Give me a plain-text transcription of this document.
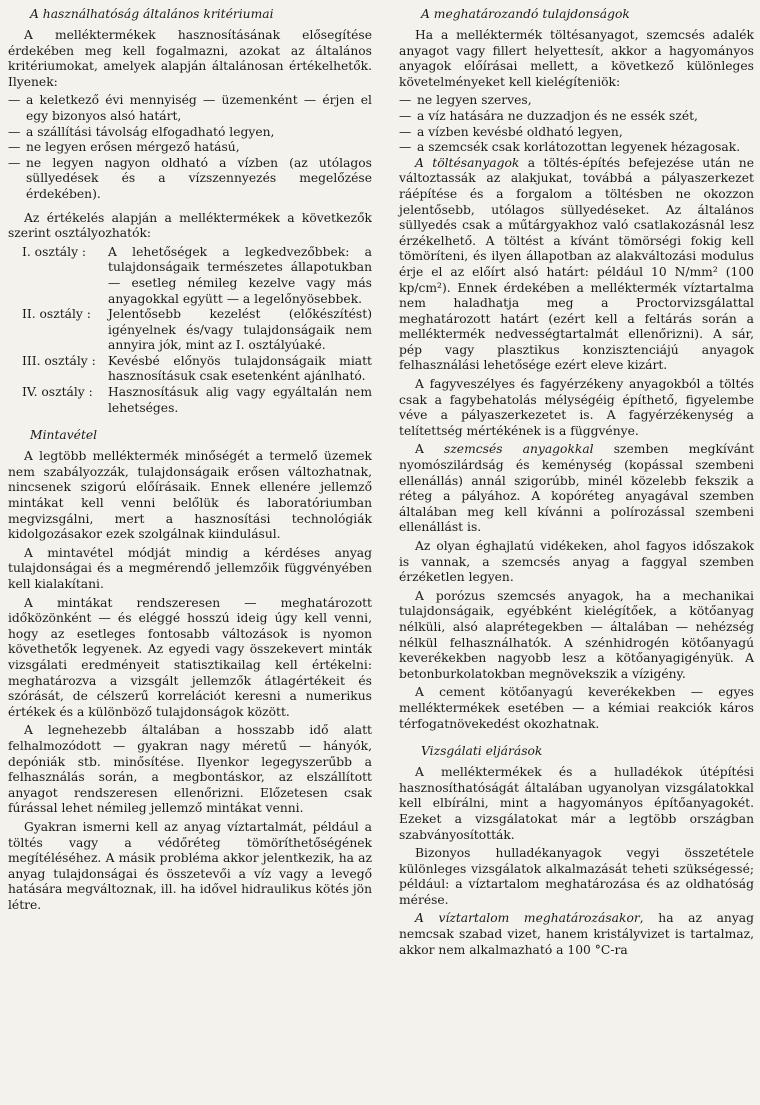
A használhatóság általános kritériumai

A melléktermékek hasznosításának elősegítése érdekében meg kell fogalmazni, azokat az általános kritériumokat, amelyek alapján általánosan értékelhetők. Ilyenek:

— a keletkező évi mennyiség — üzemenként — érjen el egy bizonyos alsó határt,
— a szállítási távolság elfogadható legyen,
— ne legyen erősen mérgező hatású,
— ne legyen nagyon oldható a vízben (az utólagos süllyedések és a vízszennyezés megelőzése érdekében).

Az értékelés alapján a melléktermékek a következők szerint osztályozhatók:

I. osztály :	A lehetőségek a legkedvezőbbek: a tulajdonságaik természetes állapotukban — esetleg némileg kezelve vagy más anyagokkal együtt — a legelőnyösebbek.
II. osztály :	Jelentősebb kezelést (előkészítést) igényelnek és/vagy tulajdonságaik nem annyira jók, mint az I. osztályúaké.
III. osztály : Kevésbé előnyös tulajdonságaik miatt hasznosításuk csak esetenként ajánlható.
IV. osztály :	Hasznosításuk alig vagy egyáltalán nem lehetséges.
Mintavétel

A legtöbb melléktermék minőségét a termelő üzemek nem szabályozzák, tulajdonságaik erősen változhatnak, nincsenek szigorú előírásaik. Ennek ellenére jellemző mintákat kell venni belőlük és laboratóriumban megvizsgálni, mert a hasznosítási technológiák kidolgozásakor ezek szolgálnak kiindulásul.

A mintavétel módját mindig a kérdéses anyag tulajdonságai és a megmérendő jellemzőik függvényében kell kialakítani.

A mintákat rendszeresen — meghatározott időközönként — és eléggé hosszú ideig úgy kell venni, hogy az esetleges fontosabb változások is nyomon követhetők legyenek. Az egyedi vagy összekevert minták vizsgálati eredményeit statisztikailag kell értékelni: meghatározva a vizsgált jellemzők átlagértékeit és szórását, de célszerű korrelációt keresni a numerikus értékek és a különböző tulajdonságok között.

A legnehezebb általában a hosszabb idő alatt felhalmozódott — gyakran nagy méretű — hányók, depóniák stb. minősítése. Ilyenkor legegyszerűbb a felhasználás során, a megbontáskor, az elszállított anyagot rendszeresen ellenőrizni. Előzetesen csak fúrással lehet némileg jellemző mintákat venni.

Gyakran ismerni kell az anyag víztartalmát, például a töltés vagy a védőréteg tömöríthetőségének megítéléséhez. A másik probléma akkor jelentkezik, ha az anyag tulajdonságai és összetevői a víz vagy a levegő hatására megváltoznak, ill. ha idővel hidraulikus kötés jön létre.

A meghatározandó tulajdonságok

Ha a melléktermék töltésanyagot, szemcsés adalék anyagot vagy fillert helyettesít, akkor a hagyományos anyagok előírásai mellett, a következő különleges követelményeket kell kielégíteniök:

— ne legyen szerves,
— a víz hatására ne duzzadjon és ne essék szét,
— a vízben kevésbé oldható legyen,
— a szemcsék csak korlátozottan legyenek hézagosak.

A töltésanyagok a töltés-építés befejezése után ne változtassák az alakjukat, továbbá a pályaszerkezet ráépítése és a forgalom a töltésben ne okozzon jelentősebb, utólagos süllyedéseket. Az általános süllyedés csak a műtárgyakhoz való csatlakozásnál lesz érzékelhető. A töltést a kívánt tömörségi fokig kell tömöríteni, és ilyen állapotban az alakváltozási modulus érje el az előírt alsó határt: például 10 N/mm² (100 kp/cm²). Ennek érdekében a melléktermék víztartalma nem haladhatja meg a Proctorvizsgálattal meghatározott határt (ezért kell a feltárás során a melléktermék nedvességtartalmát ellenőrizni). A sár, pép vagy plasztikus konzisztenciájú anyagok felhasználási lehetősége ezért eleve kizárt.

A fagyveszélyes és fagyérzékeny anyagokból a töltés csak a fagybehatolás mélységéig építhető, figyelembe véve a pályaszerkezetet is. A fagyérzékenység a telítettség mértékének is a függvénye.

A szemcsés anyagokkal szemben megkívánt nyomószilárdság és keménység (kopással szembeni ellenállás) annál szigorúbb, minél közelebb fekszik a réteg a pályához. A kopóréteg anyagával szemben általában meg kell kívánni a polírozással szembeni ellenállást is.

Az olyan éghajlatú vidékeken, ahol fagyos időszakok is vannak, a szemcsés anyag a faggyal szemben érzéketlen legyen.

A porózus szemcsés anyagok, ha a mechanikai tulajdonságaik, egyébként kielégítőek, a kötőanyag nélküli, alsó alaprétegekben — általában — nehézség nélkül felhasználhatók. A szénhidrogén kötőanyagú keverékekben nagyobb lesz a kötőanyagigényük. A betonburkolatokban megnövekszik a vízigény.

A cement kötőanyagú keverékekben — egyes melléktermékek esetében — a kémiai reakciók káros térfogatnövekedést okozhatnak.

Vizsgálati eljárások

A melléktermékek és a hulladékok útépítési hasznosíthatóságát általában ugyanolyan vizsgálatokkal kell elbírálni, mint a hagyományos építőanyagokét. Ezeket a vizsgálatokat már a legtöbb országban szabványosították.

Bizonyos hulladékanyagok vegyi összetétele különleges vizsgálatok alkalmazását teheti szükségessé; például: a víztartalom meghatározása és az oldhatóság mérése.

A víztartalom meghatározásakor, ha az anyag nemcsak szabad vizet, hanem kristályvizet is tartalmaz, akkor nem alkalmazható a 100 °C-ra
